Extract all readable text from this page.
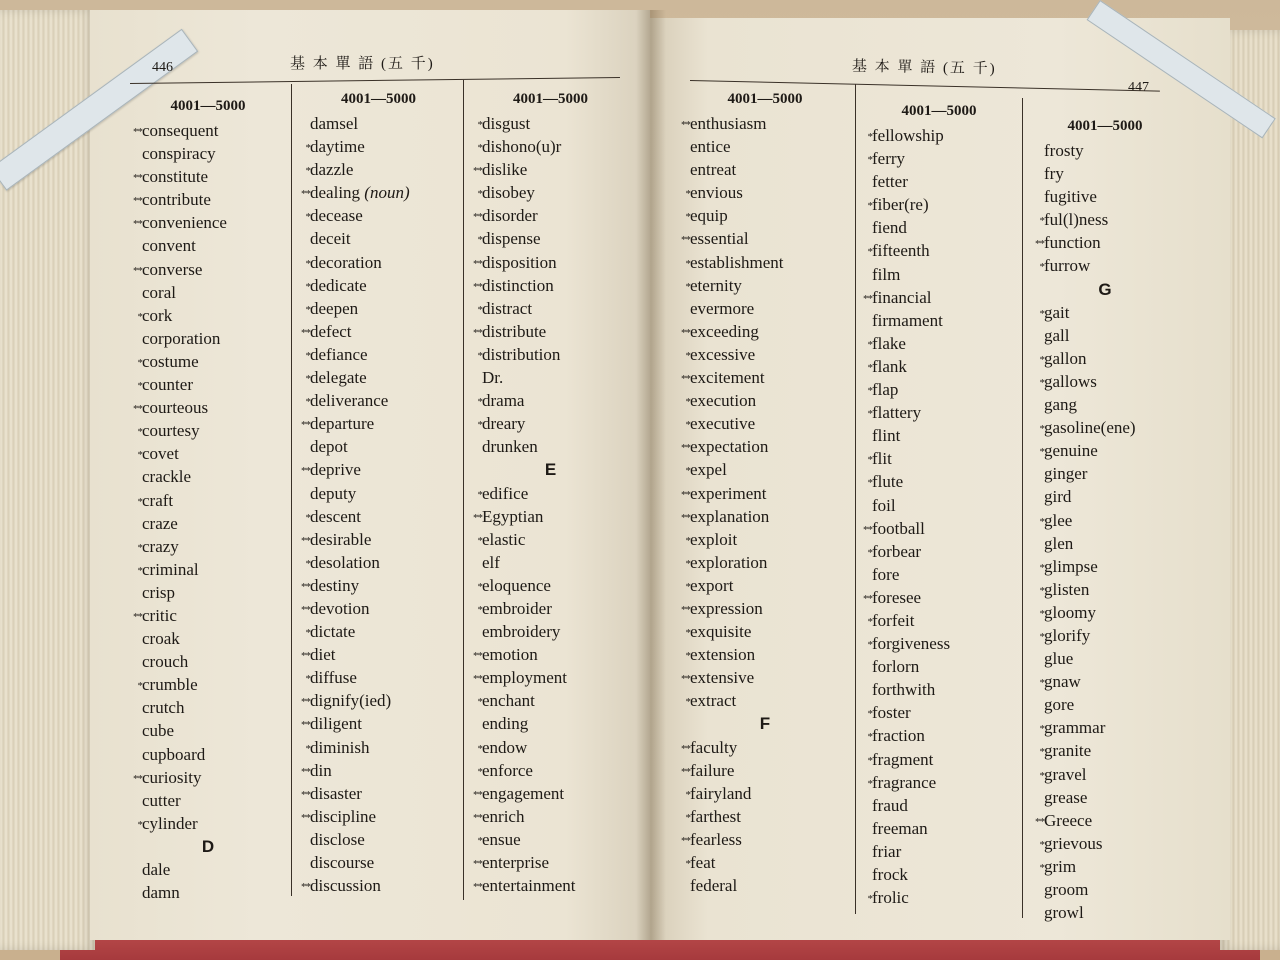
446	基 本 單 語 (五 千)	基 本 單 語 (五 千)
447
4001—5000
**consequent
conspiracy
**constitute
**contribute
**convenience
convent
**converse
coral
*cork
corporation
*costume
*counter
**courteous
*courtesy
*covet
crackle
*craft
craze
*crazy
*criminal
crisp
**critic
croak
crouch
*crumble
crutch
cube
cupboard
**curiosity
cutter
*cylinder
D
dale
damn
4001—5000
damsel
*daytime
*dazzle
**dealing (noun)
*decease
deceit
*decoration
*dedicate
*deepen
**defect
*defiance
*delegate
*deliverance
**departure
depot
**deprive
deputy
*descent
**desirable
*desolation
**destiny
**devotion
*dictate
**diet
*diffuse
**dignify(ied)
**diligent
*diminish
**din
**disaster
**discipline
disclose
discourse
**discussion
4001—5000
*disgust
*dishono(u)r
**dislike
*disobey
**disorder
*dispense
**disposition
**distinction
*distract
**distribute
*distribution
Dr.
*drama
*dreary
drunken
E
*edifice
**Egyptian
*elastic
elf
*eloquence
*embroider
embroidery
**emotion
**employment
*enchant
ending
*endow
*enforce
**engagement
**enrich
*ensue
**enterprise
**entertainment
4001—5000
**enthusiasm
entice
entreat
*envious
*equip
**essential
*establishment
*eternity
evermore
**exceeding
*excessive
**excitement
*execution
*executive
**expectation
*expel
**experiment
**explanation
*exploit
*exploration
*export
**expression
*exquisite
*extension
**extensive
*extract
F
**faculty
**failure
*fairyland
*farthest
**fearless
*feat
federal
4001—5000
*fellowship
*ferry
fetter
*fiber(re)
fiend
*fifteenth
film
**financial
firmament
*flake
*flank
*flap
*flattery
flint
*flit
*flute
foil
**football
*forbear
fore
**foresee
*forfeit
*forgiveness
forlorn
forthwith
*foster
*fraction
*fragment
*fragrance
fraud
freeman
friar
frock
*frolic
4001—5000
frosty
fry
fugitive
*ful(l)ness
**function
*furrow
G
*gait
gall
*gallon
*gallows
gang
*gasoline(ene)
*genuine
ginger
gird
*glee
glen
*glimpse
*glisten
*gloomy
*glorify
glue
*gnaw
gore
*grammar
*granite
*gravel
grease
**Greece
*grievous
*grim
groom
growl
